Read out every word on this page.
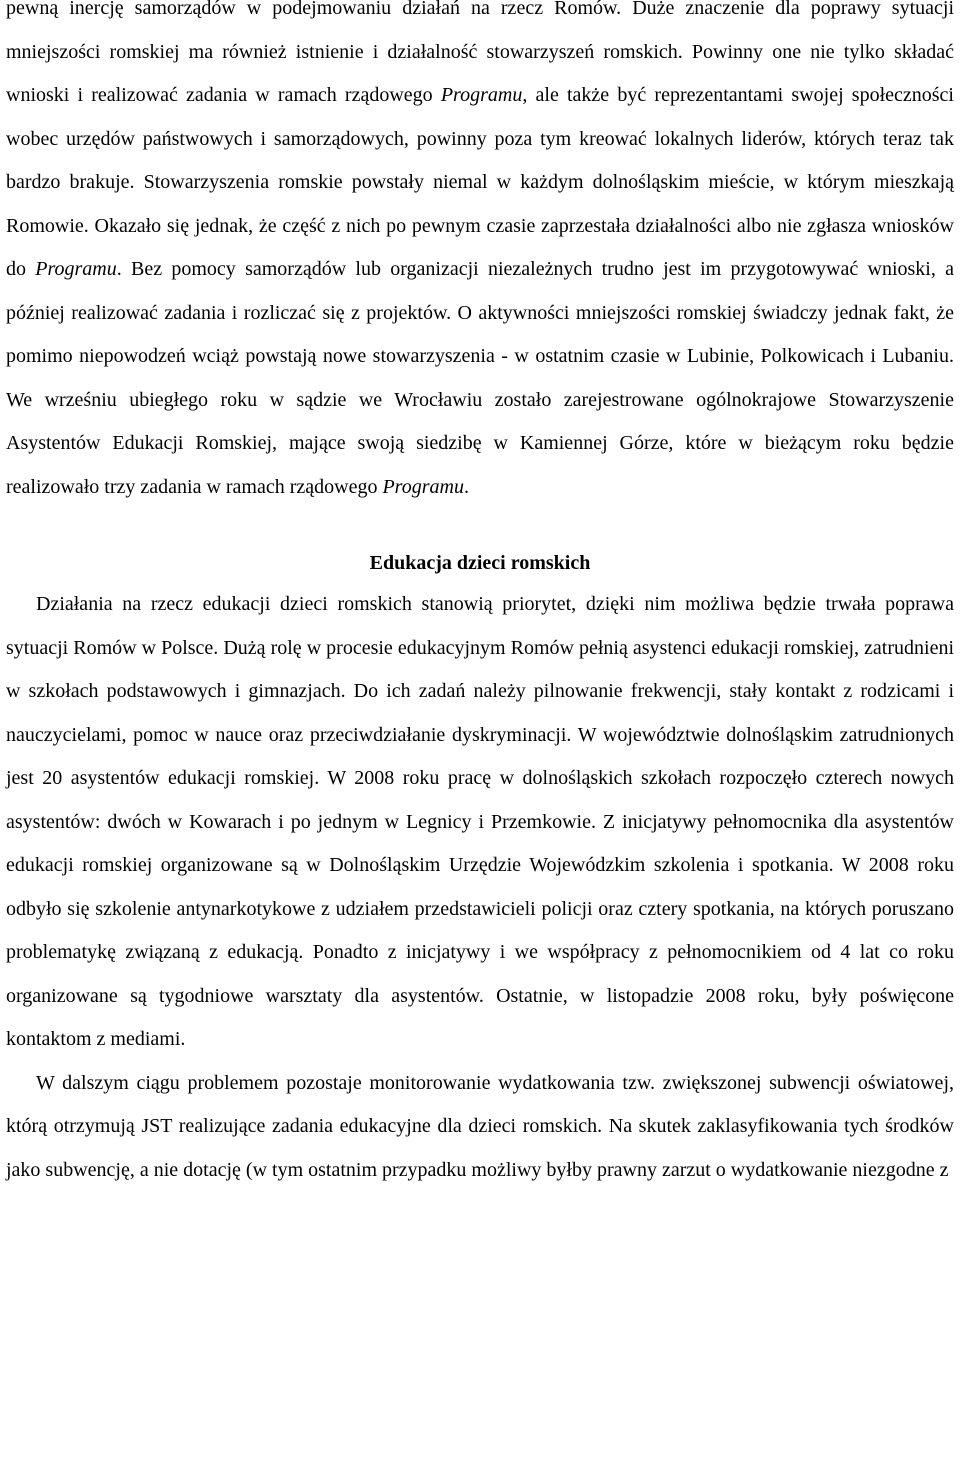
pewną inercję samorządów w podejmowaniu działań na rzecz Romów. Duże znaczenie dla poprawy sytuacji mniejszości romskiej ma również istnienie i działalność stowarzyszeń romskich. Powinny one nie tylko składać wnioski i realizować zadania w ramach rządowego Programu, ale także być reprezentantami swojej społeczności wobec urzędów państwowych i samorządowych, powinny poza tym kreować lokalnych liderów, których teraz tak bardzo brakuje. Stowarzyszenia romskie powstały niemal w każdym dolnośląskim mieście, w którym mieszkają Romowie. Okazało się jednak, że część z nich po pewnym czasie zaprzestała działalności albo nie zgłasza wniosków do Programu. Bez pomocy samorządów lub organizacji niezależnych trudno jest im przygotowywać wnioski, a później realizować zadania i rozliczać się z projektów. O aktywności mniejszości romskiej świadczy jednak fakt, że pomimo niepowodzeń wciąż powstają nowe stowarzyszenia - w ostatnim czasie w Lubinie, Polkowicach i Lubaniu. We wrześniu ubiegłego roku w sądzie we Wrocławiu zostało zarejestrowane ogólnokrajowe Stowarzyszenie Asystentów Edukacji Romskiej, mające swoją siedzibę w Kamiennej Górze, które w bieżącym roku będzie realizowało trzy zadania w ramach rządowego Programu.

Edukacja dzieci romskich

Działania na rzecz edukacji dzieci romskich stanowią priorytet, dzięki nim możliwa będzie trwała poprawa sytuacji Romów w Polsce. Dużą rolę w procesie edukacyjnym Romów pełnią asystenci edukacji romskiej, zatrudnieni w szkołach podstawowych i gimnazjach. Do ich zadań należy pilnowanie frekwencji, stały kontakt z rodzicami i nauczycielami, pomoc w nauce oraz przeciwdziałanie dyskryminacji. W województwie dolnośląskim zatrudnionych jest 20 asystentów edukacji romskiej. W 2008 roku pracę w dolnośląskich szkołach rozpoczęło czterech nowych asystentów: dwóch w Kowarach i po jednym w Legnicy i Przemkowie. Z inicjatywy pełnomocnika dla asystentów edukacji romskiej organizowane są w Dolnośląskim Urzędzie Wojewódzkim szkolenia i spotkania. W 2008 roku odbyło się szkolenie antynarkotykowe z udziałem przedstawicieli policji oraz cztery spotkania, na których poruszano problematykę związaną z edukacją. Ponadto z inicjatywy i we współpracy z pełnomocnikiem od 4 lat co roku organizowane są tygodniowe warsztaty dla asystentów. Ostatnie, w listopadzie 2008 roku, były poświęcone kontaktom z mediami.

W dalszym ciągu problemem pozostaje monitorowanie wydatkowania tzw. zwiększonej subwencji oświatowej, którą otrzymują JST realizujące zadania edukacyjne dla dzieci romskich. Na skutek zaklasyfikowania tych środków jako subwencję, a nie dotację (w tym ostatnim przypadku możliwy byłby prawny zarzut o wydatkowanie niezgodne z
